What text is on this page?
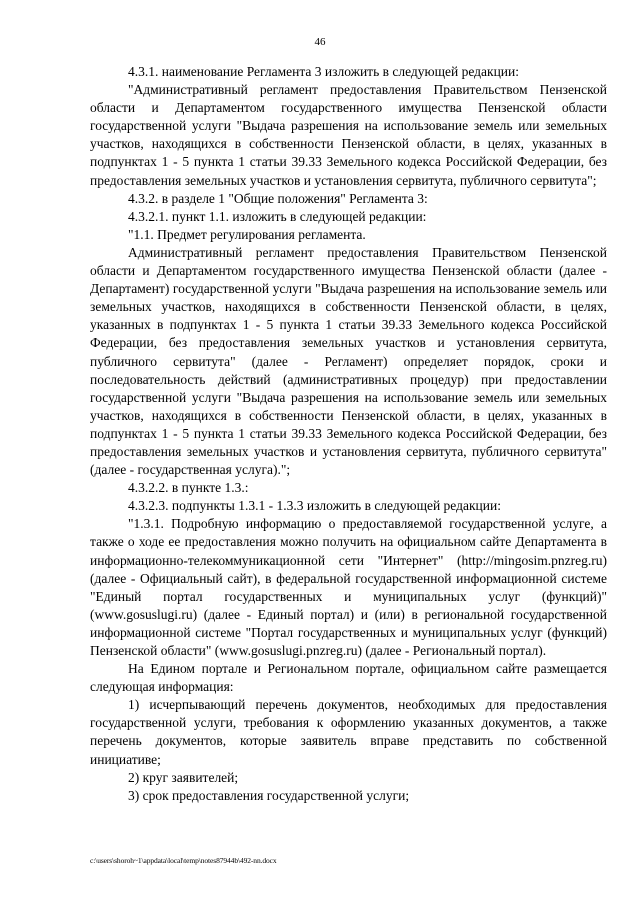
46

4.3.1. наименование Регламента 3 изложить в следующей редакции:

"Административный регламент предоставления Правительством Пензенской области и Департаментом государственного имущества Пензенской области государственной услуги "Выдача разрешения на использование земель или земельных участков, находящихся в собственности Пензенской области, в целях, указанных в подпунктах 1 - 5 пункта 1 статьи 39.33 Земельного кодекса Российской Федерации, без предоставления земельных участков и установления сервитута, публичного сервитута";

4.3.2. в разделе 1 "Общие положения" Регламента 3:

4.3.2.1. пункт 1.1. изложить в следующей редакции:

"1.1. Предмет регулирования регламента.

Административный регламент предоставления Правительством Пензенской области и Департаментом государственного имущества Пензенской области (далее - Департамент) государственной услуги "Выдача разрешения на использование земель или земельных участков, находящихся в собственности Пензенской области, в целях, указанных в подпунктах 1 - 5 пункта 1 статьи 39.33 Земельного кодекса Российской Федерации, без предоставления земельных участков и установления сервитута, публичного сервитута" (далее - Регламент) определяет порядок, сроки и последовательность действий (административных процедур) при предоставлении государственной услуги "Выдача разрешения на использование земель или земельных участков, находящихся в собственности Пензенской области, в целях, указанных в подпунктах 1 - 5 пункта 1 статьи 39.33 Земельного кодекса Российской Федерации, без предоставления земельных участков и установления сервитута, публичного сервитута" (далее - государственная услуга).";

4.3.2.2. в пункте 1.3.:

4.3.2.3. подпункты 1.3.1 - 1.3.3 изложить в следующей редакции:

"1.3.1. Подробную информацию о предоставляемой государственной услуге, а также о ходе ее предоставления можно получить на официальном сайте Департамента в информационно-телекоммуникационной сети "Интернет" (http://mingosim.pnzreg.ru) (далее - Официальный сайт), в федеральной государственной информационной системе "Единый портал государственных и муниципальных услуг (функций)" (www.gosuslugi.ru) (далее - Единый портал) и (или) в региональной государственной информационной системе "Портал государственных и муниципальных услуг (функций) Пензенской области" (www.gosuslugi.pnzreg.ru) (далее - Региональный портал).

На Едином портале и Региональном портале, официальном сайте размещается следующая информация:

1) исчерпывающий перечень документов, необходимых для предоставления государственной услуги, требования к оформлению указанных документов, а также перечень документов, которые заявитель вправе представить по собственной инициативе;

2) круг заявителей;

3) срок предоставления государственной услуги;

c:\users\shoroh~1\appdata\local\temp\notes87944b\492-nn.docx
